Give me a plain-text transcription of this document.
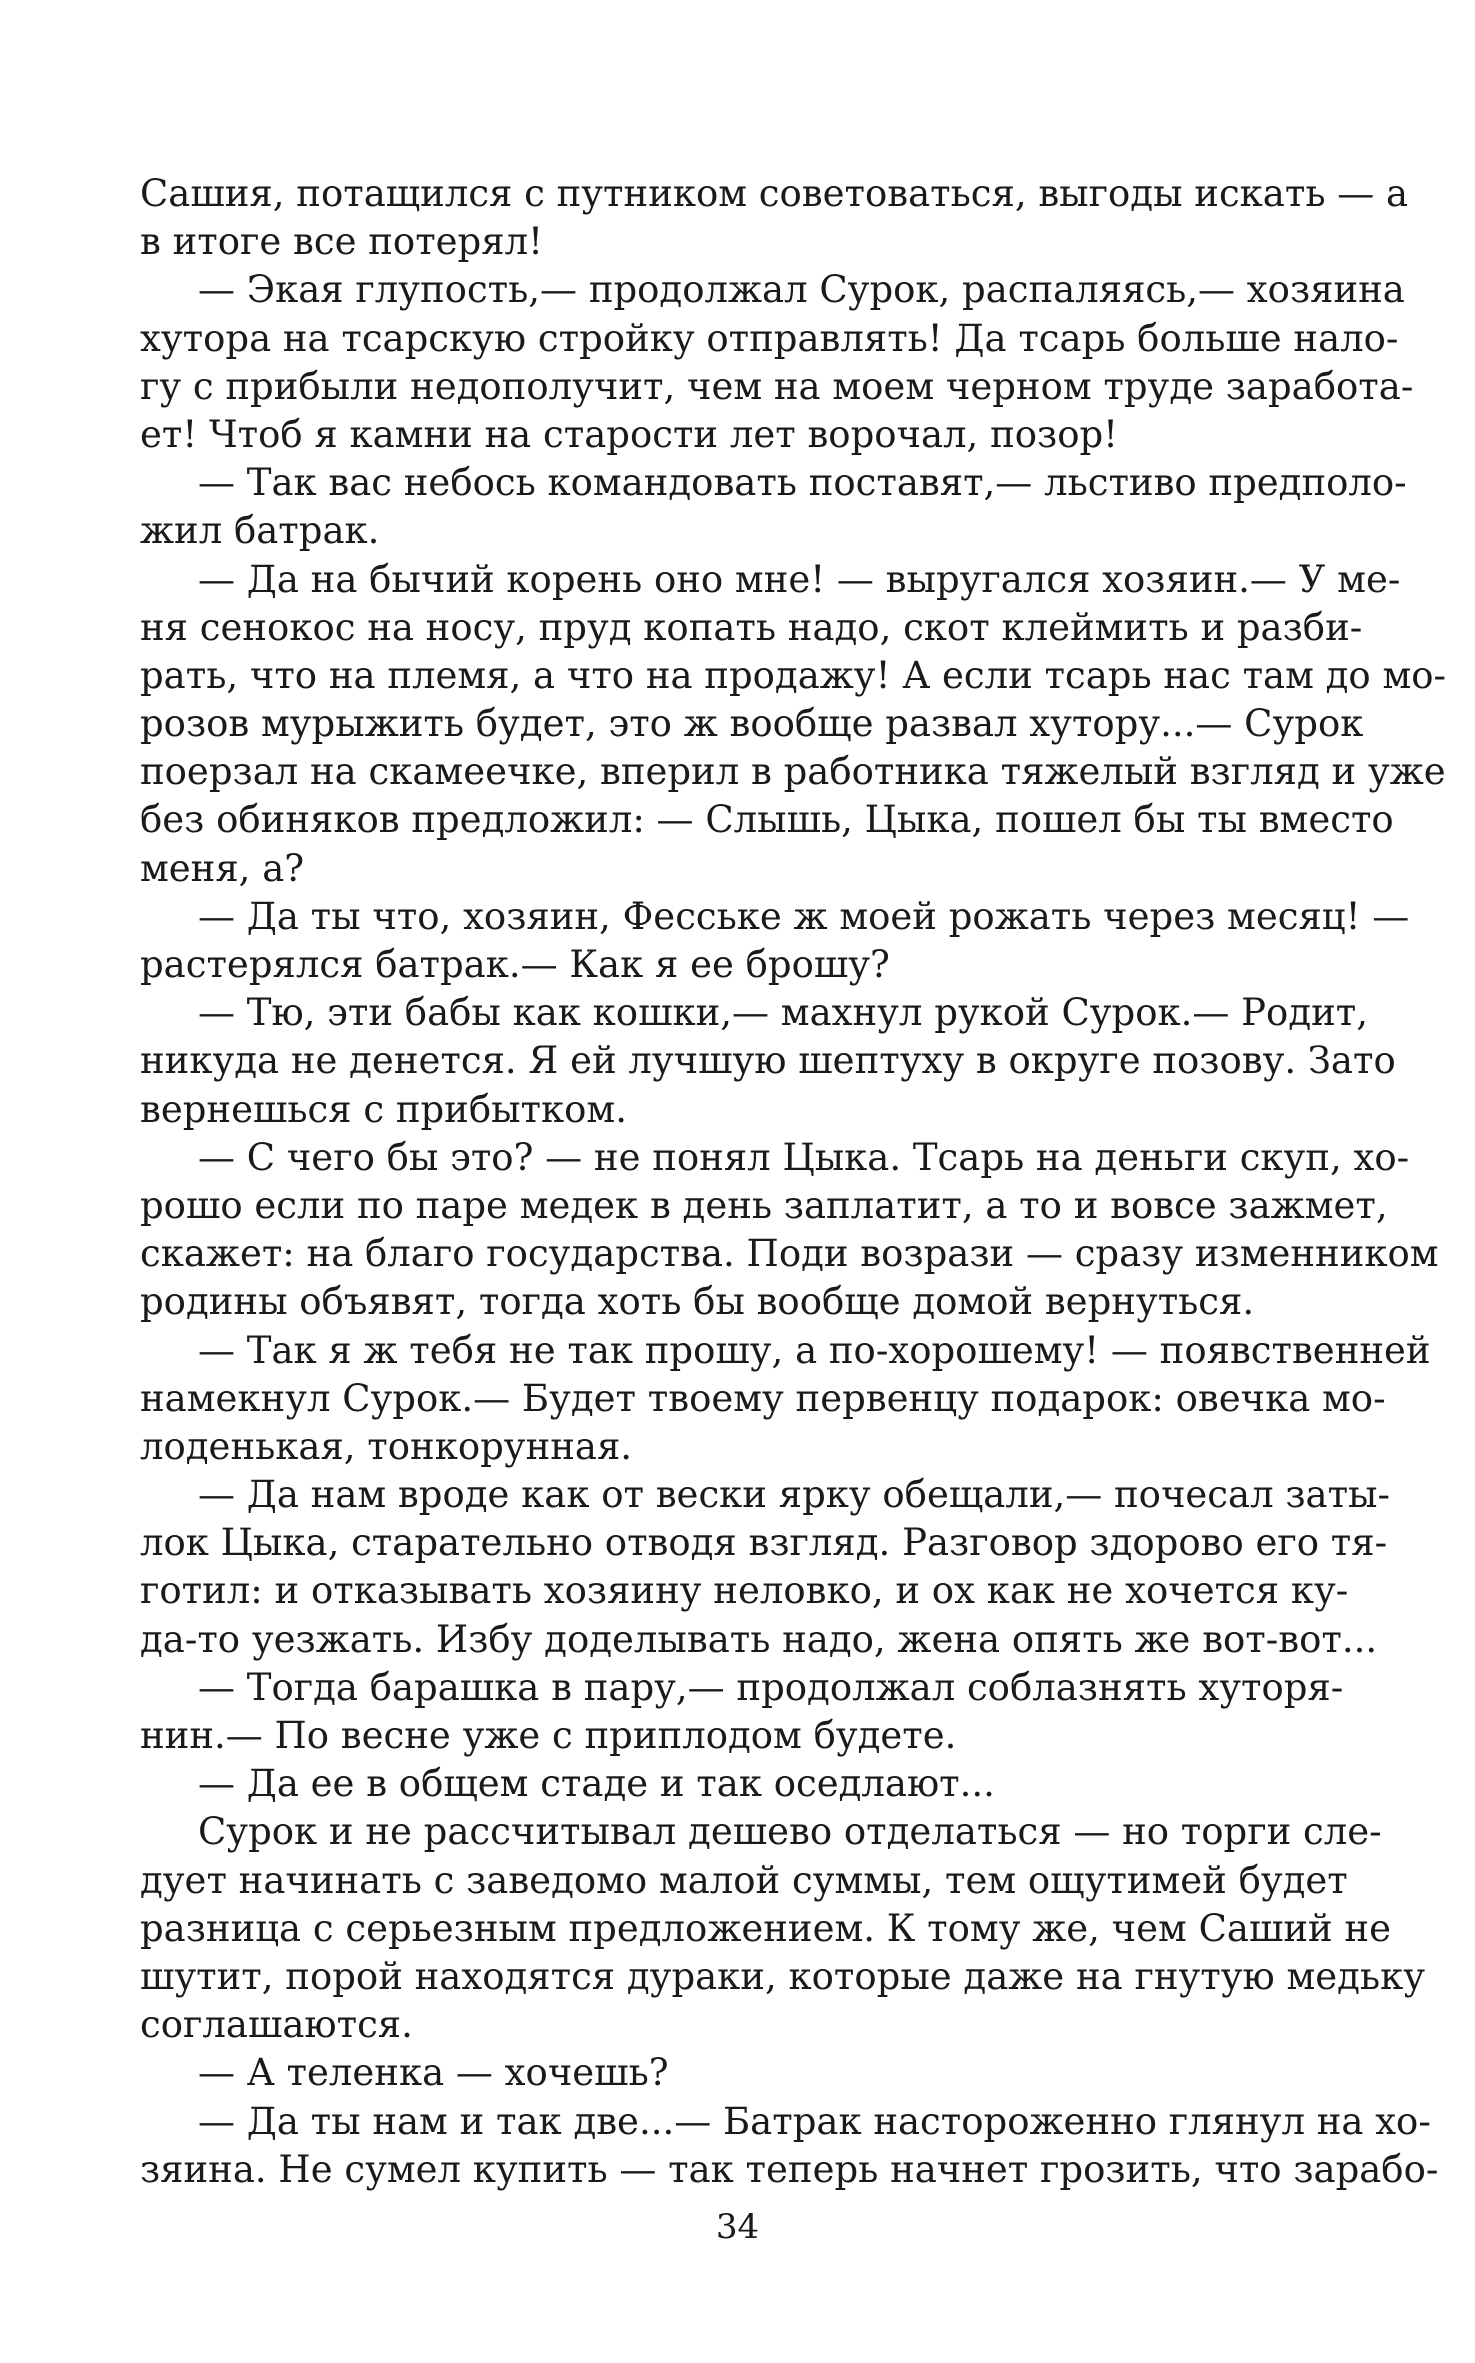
Сашия, потащился с путником советоваться, выгоды искать — а
в итоге все потерял!
— Экая глупость,— продолжал Сурок, распаляясь,— хозяина
хутора на тсарскую стройку отправлять! Да тсарь больше нало-
гу с прибыли недополучит, чем на моем черном труде заработа-
ет! Чтоб я камни на старости лет ворочал, позор!
— Так вас небось командовать поставят,— льстиво предполо-
жил батрак.
— Да на бычий корень оно мне! — выругался хозяин.— У ме-
ня сенокос на носу, пруд копать надо, скот клеймить и разби-
рать, что на племя, а что на продажу! А если тсарь нас там до мо-
розов мурыжить будет, это ж вообще развал хутору...— Сурок
поерзал на скамеечке, вперил в работника тяжелый взгляд и уже
без обиняков предложил: — Слышь, Цыка, пошел бы ты вместо
меня, а?
— Да ты что, хозяин, Фесськe ж моей рожать через месяц! —
растерялся батрак.— Как я ее брошу?
— Тю, эти бабы как кошки,— махнул рукой Сурок.— Родит,
никуда не денется. Я ей лучшую шептуху в округе позову. Зато
вернешься с прибытком.
— С чего бы это? — не понял Цыка. Тсарь на деньги скуп, хо-
рошо если по паре медек в день заплатит, а то и вовсе зажмет,
скажет: на благо государства. Поди возрази — сразу изменником
родины объявят, тогда хоть бы вообще домой вернуться.
— Так я ж тебя не так прошу, а по-хорошему! — появственней
намекнул Сурок.— Будет твоему первенцу подарок: овечка мо-
лоденькая, тонкорунная.
— Да нам вроде как от вески ярку обещали,— почесал заты-
лок Цыка, старательно отводя взгляд. Разговор здорово его тя-
готил: и отказывать хозяину неловко, и ох как не хочется ку-
да-то уезжать. Избу доделывать надо, жена опять же вот-вот...
— Тогда барашка в пару,— продолжал соблазнять хуторя-
нин.— По весне уже с приплодом будете.
— Да ее в общем стаде и так оседлают...
Сурок и не рассчитывал дешево отделаться — но торги сле-
дует начинать с заведомо малой суммы, тем ощутимей будет
разница с серьезным предложением. К тому же, чем Саший не
шутит, порой находятся дураки, которые даже на гнутую медьку
соглашаются.
— А теленка — хочешь?
— Да ты нам и так две...— Батрак настороженно глянул на хо-
зяина. Не сумел купить — так теперь начнет грозить, что зарабо-
34
